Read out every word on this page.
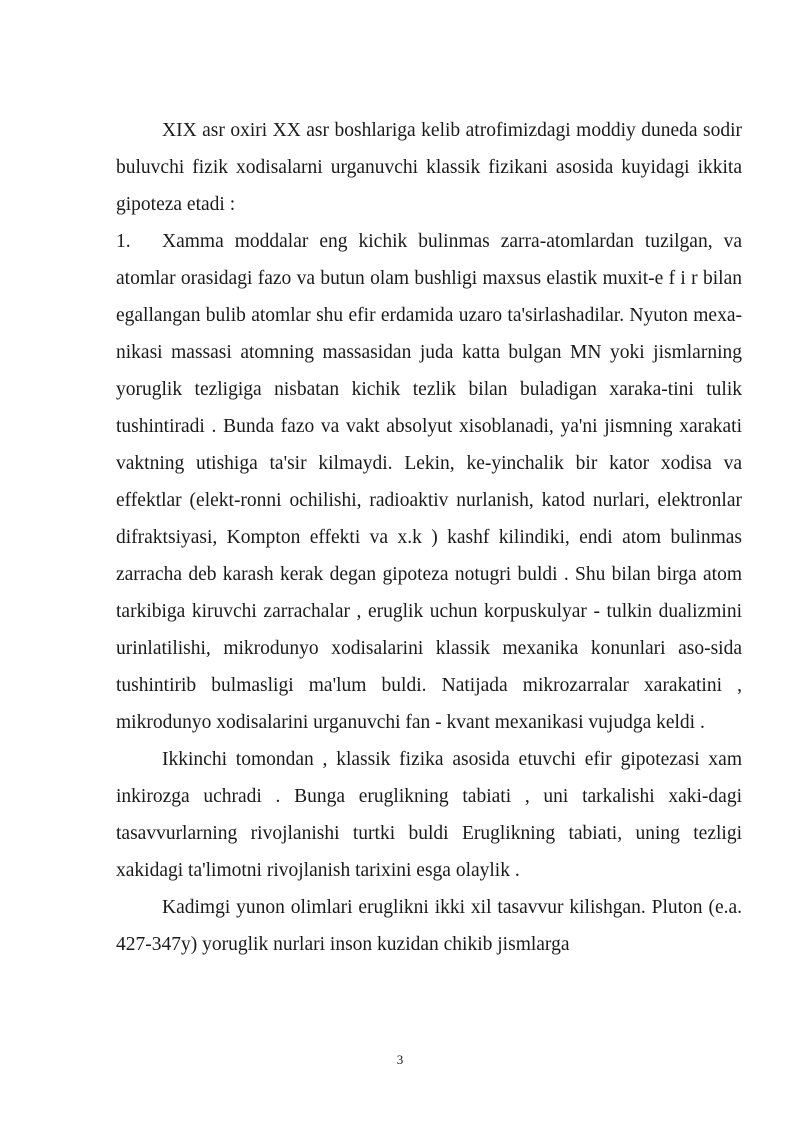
XIX asr oxiri XX asr boshlariga kelib atrofimizdagi moddiy duneda sodir buluvchi fizik xodisalarni urganuvchi klassik fizikani asosida kuyidagi ikkita gipoteza etadi :

1. Xamma moddalar eng kichik bulinmas zarra-atomlardan tuzilgan, va atomlar orasidagi fazo va butun olam bushligi maxsus elastik muxit-e f i r bilan egallangan bulib atomlar shu efir erdamida uzaro ta'sirlashadilar. Nyuton mexa-nikasi massasi atomning massasidan juda katta bulgan MN yoki jismlarning yoruglik tezligiga nisbatan kichik tezlik bilan buladigan xaraka-tini tulik tushintiradi . Bunda fazo va vakt absolyut xisoblanadi, ya'ni jismning xarakati vaktning utishiga ta'sir kilmaydi. Lekin, ke-yinchalik bir kator xodisa va effektlar (elekt-ronni ochilishi, radioaktiv nurlanish, katod nurlari, elektronlar difraktsiyasi, Kompton effekti va x.k ) kashf kilindiki, endi atom bulinmas zarracha deb karash kerak degan gipoteza notugri buldi . Shu bilan birga atom tarkibiga kiruvchi zarrachalar , eruglik uchun korpuskulyar - tulkin dualizmini urinlatilishi, mikrodunyo xodisalarini klassik mexanika konunlari aso-sida tushintirib bulmasligi ma'lum buldi. Natijada mikrozarralar xarakatini , mikrodunyo xodisalarini urganuvchi fan - kvant mexanikasi vujudga keldi .

Ikkinchi tomondan , klassik fizika asosida etuvchi efir gipotezasi xam inkirozga uchradi . Bunga eruglikning tabiati , uni tarkalishi xaki-dagi tasavvurlarning rivojlanishi turtki buldi Eruglikning tabiati, uning tezligi xakidagi ta'limotni rivojlanish tarixini esga olaylik .

Kadimgi yunon olimlari eruglikni ikki xil tasavvur kilishgan. Pluton (e.a. 427-347y) yoruglik nurlari inson kuzidan chikib jismlarga

3
